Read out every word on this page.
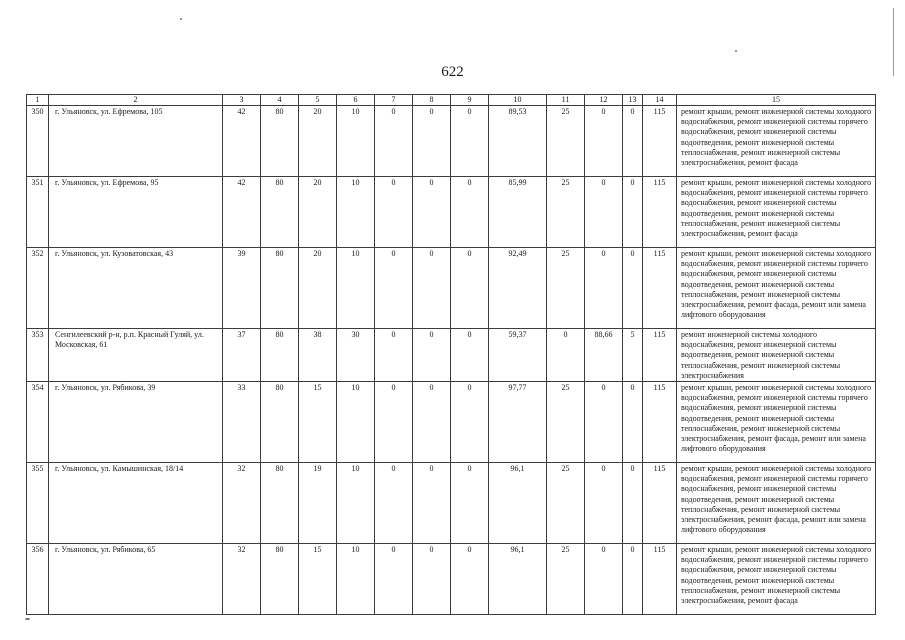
622
1	2	3	4	5	6	7	8	9	10	11	12	13	14	15
350	г. Ульяновск, ул. Ефремова, 105	42	80	20	10	0	0	0	89,53	25	0	0	115	ремонт крыши, ремонт инженерной системы холодного водоснабжения, ремонт инженерной системы горячего водоснабжения, ремонт инженерной системы водоотведения, ремонт инженерной системы теплоснабжения, ремонт инженерной системы электроснабжения, ремонт фасада
351	г. Ульяновск, ул. Ефремова, 95	42	80	20	10	0	0	0	85,99	25	0	0	115	ремонт крыши, ремонт инженерной системы холодного водоснабжения, ремонт инженерной системы горячего водоснабжения, ремонт инженерной системы водоотведения, ремонт инженерной системы теплоснабжения, ремонт инженерной системы электроснабжения, ремонт фасада
352	г. Ульяновск, ул. Кузоватовская, 43	39	80	20	10	0	0	0	92,49	25	0	0	115	ремонт крыши, ремонт инженерной системы холодного водоснабжения, ремонт инженерной системы горячего водоснабжения, ремонт инженерной системы водоотведения, ремонт инженерной системы теплоснабжения, ремонт инженерной системы электроснабжения, ремонт фасада, ремонт или замена лифтового оборудования
353	Сенгилеевский р-н, р.п. Красный Гуляй, ул. Московская, 61	37	80	38	30	0	0	0	59,37	0	88,66	5	115	ремонт инженерной системы холодного водоснабжения, ремонт инженерной системы водоотведения, ремонт инженерной системы теплоснабжения, ремонт инженерной системы электроснабжения
354	г. Ульяновск, ул. Рябикова, 39	33	80	15	10	0	0	0	97,77	25	0	0	115	ремонт крыши, ремонт инженерной системы холодного водоснабжения, ремонт инженерной системы горячего водоснабжения, ремонт инженерной системы водоотведения, ремонт инженерной системы теплоснабжения, ремонт инженерной системы электроснабжения, ремонт фасада, ремонт или замена лифтового оборудования
355	г. Ульяновск, ул. Камышинская, 18/14	32	80	19	10	0	0	0	96,1	25	0	0	115	ремонт крыши, ремонт инженерной системы холодного водоснабжения, ремонт инженерной системы горячего водоснабжения, ремонт инженерной системы водоотведения, ремонт инженерной системы теплоснабжения, ремонт инженерной системы электроснабжения, ремонт фасада, ремонт или замена лифтового оборудования
356	г. Ульяновск, ул. Рябикова, 65	32	80	15	10	0	0	0	96,1	25	0	0	115	ремонт крыши, ремонт инженерной системы холодного водоснабжения, ремонт инженерной системы горячего водоснабжения, ремонт инженерной системы водоотведения, ремонт инженерной системы теплоснабжения, ремонт инженерной системы электроснабжения, ремонт фасада
